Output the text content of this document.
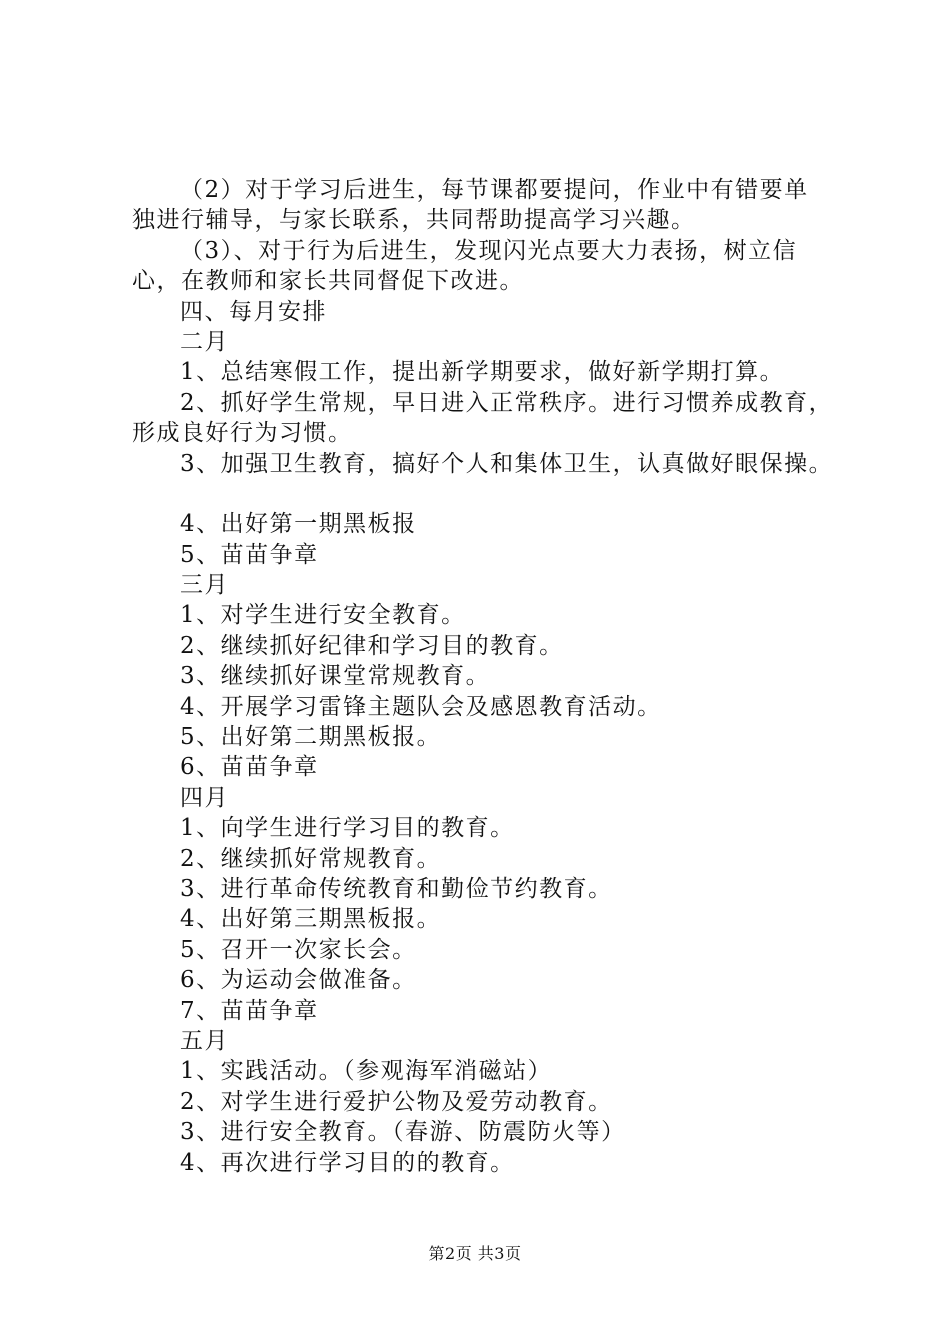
（2）对于学习后进生，每节课都要提问，作业中有错要单
独进行辅导，与家长联系，共同帮助提高学习兴趣。
（3）、对于行为后进生，发现闪光点要大力表扬，树立信
心，在教师和家长共同督促下改进。
四、每月安排
二月
1、总结寒假工作，提出新学期要求，做好新学期打算。
2、抓好学生常规，早日进入正常秩序。进行习惯养成教育，
形成良好行为习惯。
3、加强卫生教育，搞好个人和集体卫生，认真做好眼保操。
4、出好第一期黑板报
5、苗苗争章
三月
1、对学生进行安全教育。
2、继续抓好纪律和学习目的教育。
3、继续抓好课堂常规教育。
4、开展学习雷锋主题队会及感恩教育活动。
5、出好第二期黑板报。
6、苗苗争章
四月
1、向学生进行学习目的教育。
2、继续抓好常规教育。
3、进行革命传统教育和勤俭节约教育。
4、出好第三期黑板报。
5、召开一次家长会。
6、为运动会做准备。
7、苗苗争章
五月
1、实践活动。（参观海军消磁站）
2、对学生进行爱护公物及爱劳动教育。
3、进行安全教育。（春游、防震防火等）
4、再次进行学习目的的教育。
第2页 共3页
